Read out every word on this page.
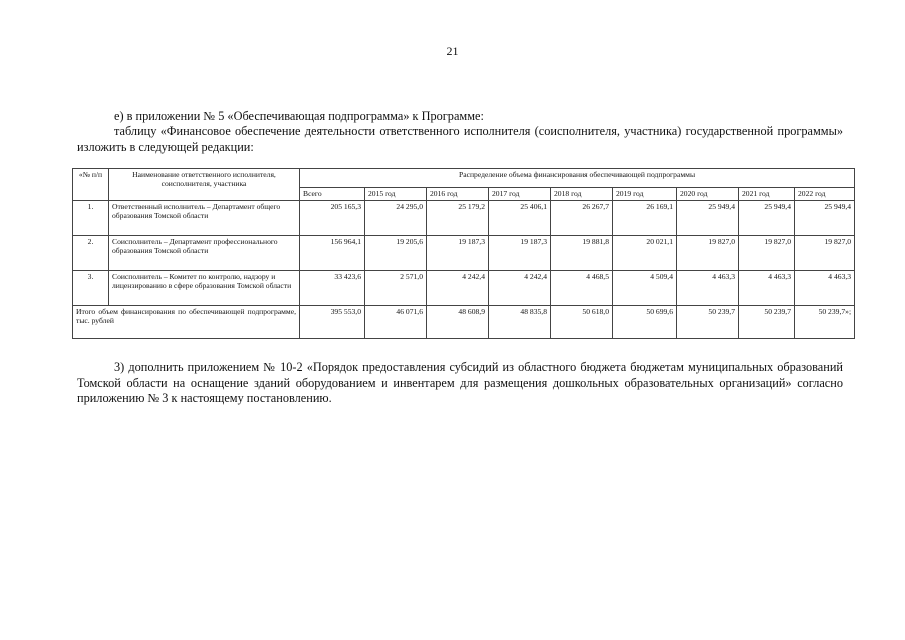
21
е) в приложении № 5 «Обеспечивающая подпрограмма» к Программе:
таблицу «Финансовое обеспечение деятельности ответственного исполнителя (соисполнителя, участника) государственной программы» изложить в следующей редакции:
«№ п/п	Наименование ответственного исполнителя, соисполнителя, участника	Распределение объема финансирования обеспечивающей подпрограммы								
		Всего	2015 год	2016 год	2017 год	2018 год	2019 год	2020 год	2021 год	2022 год
1.	Ответственный исполнитель – Департамент общего образования Томской области	205 165,3	24 295,0	25 179,2	25 406,1	26 267,7	26 169,1	25 949,4	25 949,4	25 949,4
2.	Соисполнитель – Департамент профессионального образования Томской области	156 964,1	19 205,6	19 187,3	19 187,3	19 881,8	20 021,1	19 827,0	19 827,0	19 827,0
3.	Соисполнитель – Комитет по контролю, надзору и лицензированию в сфере образования Томской области	33 423,6	2 571,0	4 242,4	4 242,4	4 468,5	4 509,4	4 463,3	4 463,3	4 463,3
Итого объем финансирования по обеспечивающей подпрограмме, тыс. рублей		395 553,0	46 071,6	48 608,9	48 835,8	50 618,0	50 699,6	50 239,7	50 239,7	50 239,7»;
3) дополнить приложением № 10-2 «Порядок предоставления субсидий из областного бюджета бюджетам муниципальных образований Томской области на оснащение зданий оборудованием и инвентарем для размещения дошкольных образовательных организаций» согласно приложению № 3 к настоящему постановлению.
